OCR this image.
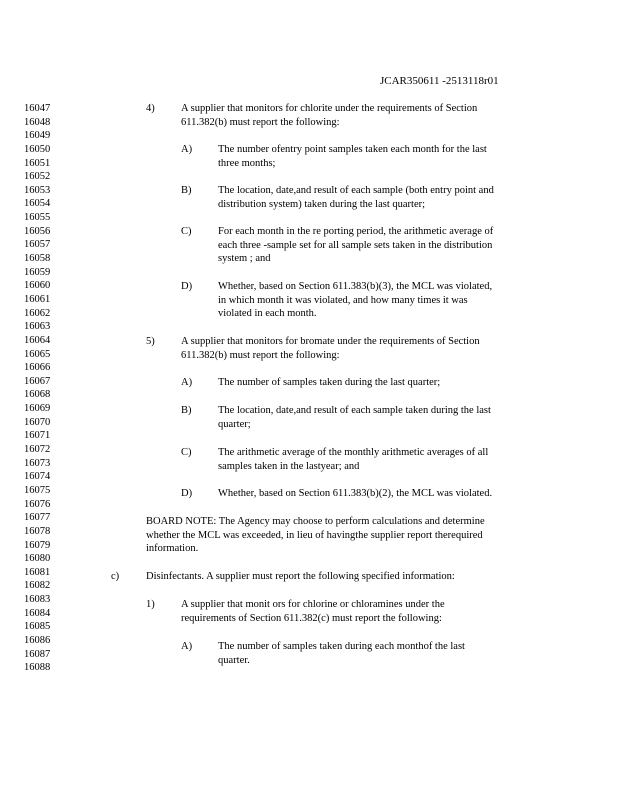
JCAR350611 -2513118r01
16047
16048
16049
16050
16051
16052
16053
16054
16055
16056
16057
16058
16059
16060
16061
16062
16063
16064
16065
16066
16067
16068
16069
16070
16071
16072
16073
16074
16075
16076
16077
16078
16079
16080
16081
16082
16083
16084
16085
16086
16087
16088
4)	A supplier that monitors for chlorite under the requirements of Section
611.382(b) must report the following:
A) The number ofentry point samples taken each month for the last
three months;
B)	The location, date,and result of each sample (both entry point and
distribution system) taken during the last quarter;
C)	For each month in the re porting period, the arithmetic average of
each three -sample set for all sample sets taken in the distribution
system ; and
D) Whether, based on Section 611.383(b)(3), the MCL was violated,
in which month it was violated, and how many times it was
violated in each month.
5)	A supplier that monitors for bromate under the requirements of Section
611.382(b) must report the following:
A) The number of samples taken during the last quarter;
B)	The location, date,and result of each sample taken during the last
quarter;
C)	The arithmetic average of the monthly arithmetic averages of all
samples taken in the lastyear; and
D) Whether, based on Section 611.383(b)(2), the MCL was violated.
BOARD NOTE: The Agency may choose to perform calculations and determine
whether the MCL was exceeded, in lieu of havingthe supplier report therequired
information.
c)	Disinfectants. A supplier must report the following specified information:
1)	A supplier that monit ors for chlorine or chloramines under the
requirements of Section 611.382(c) must report the following:
A) The number of samples taken during each monthof the last
quarter.
